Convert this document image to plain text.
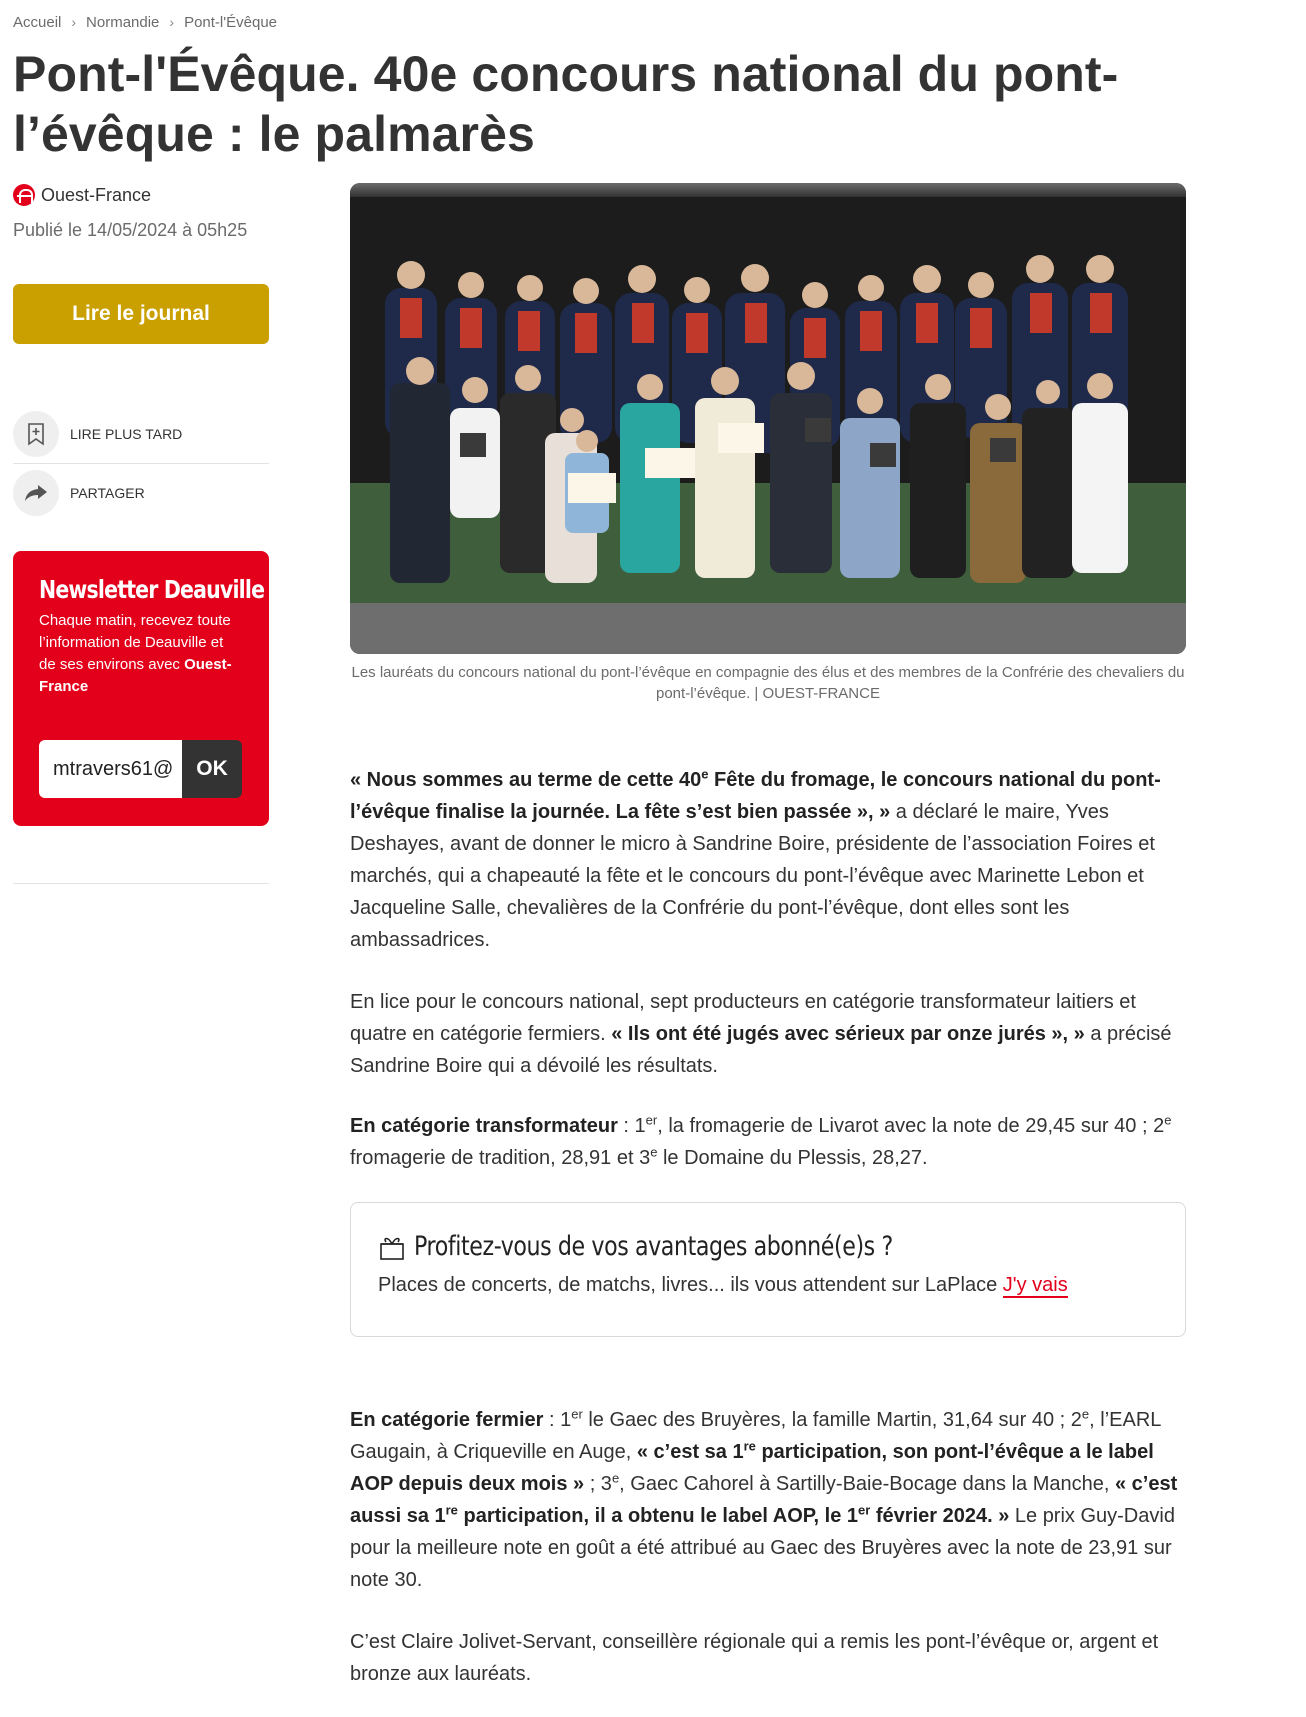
Accueil › Normandie › Pont-l'Évêque
Pont-l'Évêque. 40e concours national du pont-l’évêque : le palmarès
Ouest-France
Publié le 14/05/2024 à 05h25
Lire le journal
LIRE PLUS TARD
PARTAGER
Newsletter Deauville
Chaque matin, recevez toute l’information de Deauville et de ses environs avec Ouest-France
mtravers61@
OK
Les lauréats du concours national du pont-l’évêque en compagnie des élus et des membres de la Confrérie des chevaliers du pont-l’évêque. | OUEST-FRANCE

« Nous sommes au terme de cette 40e Fête du fromage, le concours national du pont-l’évêque finalise la journée. La fête s’est bien passée », » a déclaré le maire, Yves Deshayes, avant de donner le micro à Sandrine Boire, présidente de l’association Foires et marchés, qui a chapeauté la fête et le concours du pont-l’évêque avec Marinette Lebon et Jacqueline Salle, chevalières de la Confrérie du pont-l’évêque, dont elles sont les ambassadrices.

En lice pour le concours national, sept producteurs en catégorie transformateur laitiers et quatre en catégorie fermiers. « Ils ont été jugés avec sérieux par onze jurés », » a précisé Sandrine Boire qui a dévoilé les résultats.

En catégorie transformateur : 1er, la fromagerie de Livarot avec la note de 29,45 sur 40 ; 2e fromagerie de tradition, 28,91 et 3e le Domaine du Plessis, 28,27.

Profitez-vous de vos avantages abonné(e)s ?
Places de concerts, de matchs, livres... ils vous attendent sur LaPlace J'y vais

En catégorie fermier : 1er le Gaec des Bruyères, la famille Martin, 31,64 sur 40 ; 2e, l’EARL Gaugain, à Criqueville en Auge, « c’est sa 1re participation, son pont-l’évêque a le label AOP depuis deux mois » ; 3e, Gaec Cahorel à Sartilly-Baie-Bocage dans la Manche, « c’est aussi sa 1re participation, il a obtenu le label AOP, le 1er février 2024. » Le prix Guy-David pour la meilleure note en goût a été attribué au Gaec des Bruyères avec la note de 23,91 sur note 30.

C’est Claire Jolivet-Servant, conseillère régionale qui a remis les pont-l’évêque or, argent et bronze aux lauréats.
